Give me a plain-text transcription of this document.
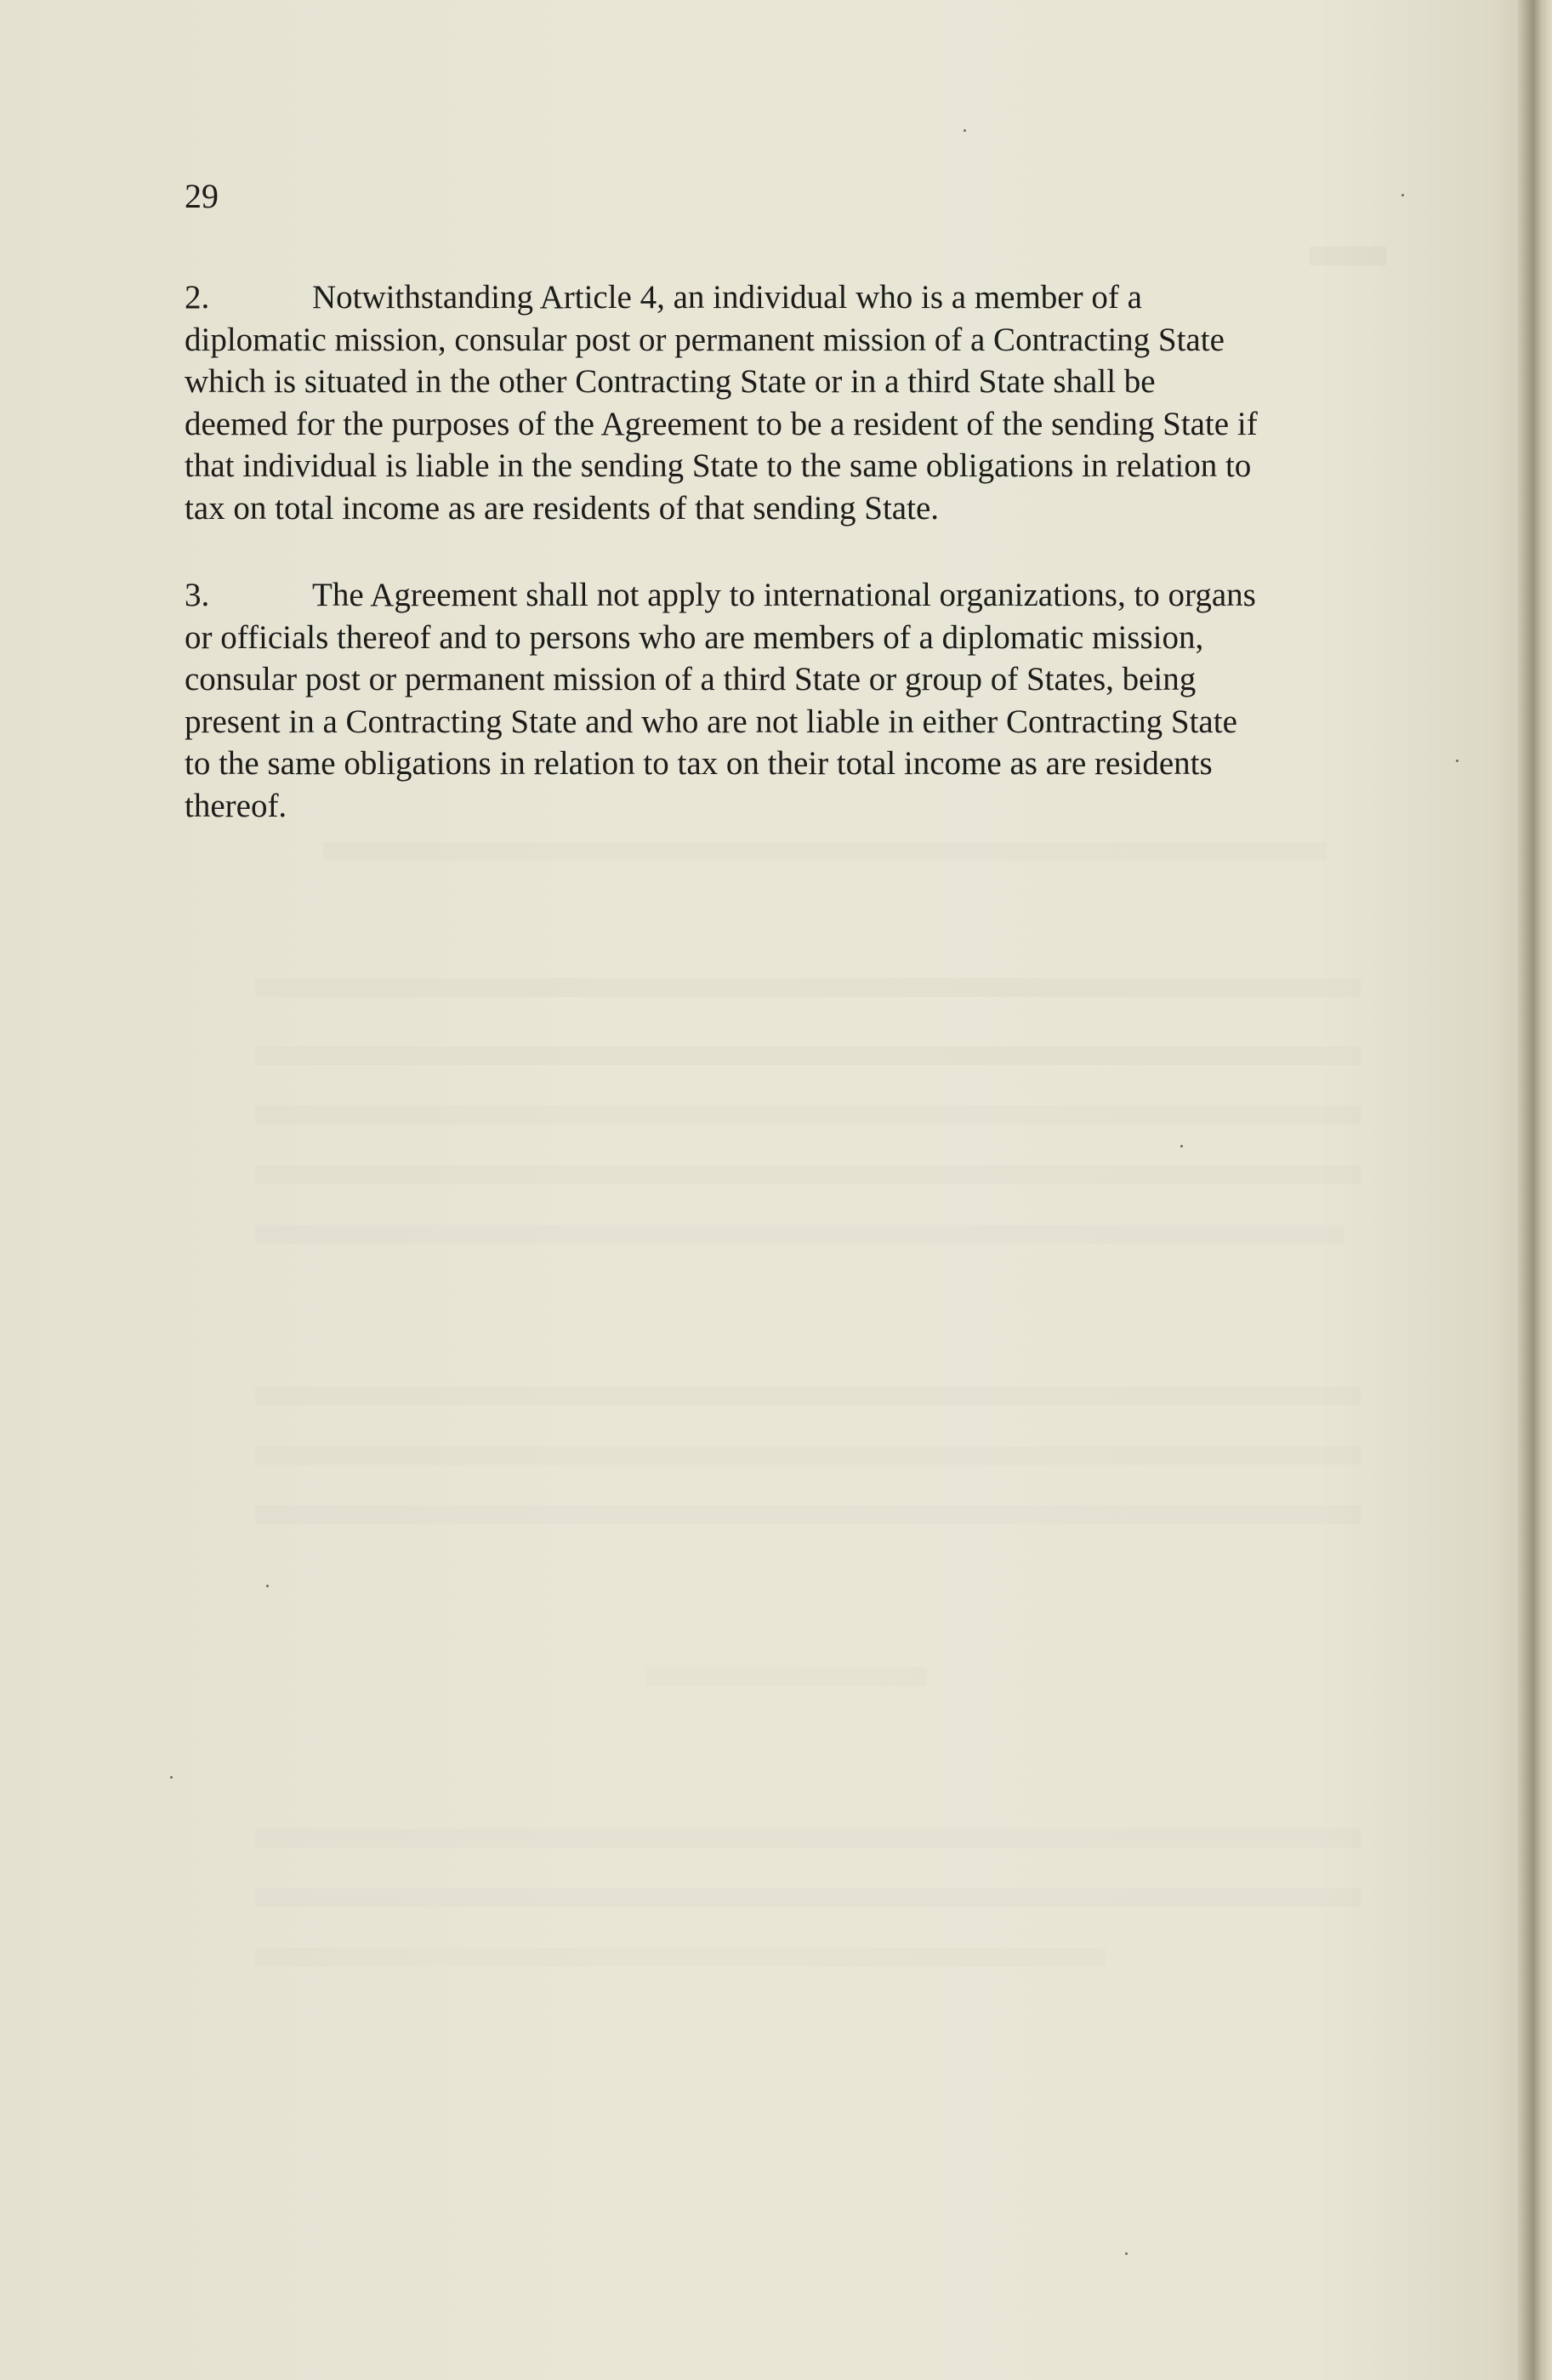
29

2.	Notwithstanding Article 4, an individual who is a member of a
diplomatic mission, consular post or permanent mission of a Contracting State
which is situated in the other Contracting State or in a third State shall be
deemed for the purposes of the Agreement to be a resident of the sending State if
that individual is liable in the sending State to the same obligations in relation to
tax on total income as are residents of that sending State.

3.	The Agreement shall not apply to international organizations, to organs
or officials thereof and to persons who are members of a diplomatic mission,
consular post or permanent mission of a third State or group of States, being
present in a Contracting State and who are not liable in either Contracting State
to the same obligations in relation to tax on their total income as are residents
thereof.
